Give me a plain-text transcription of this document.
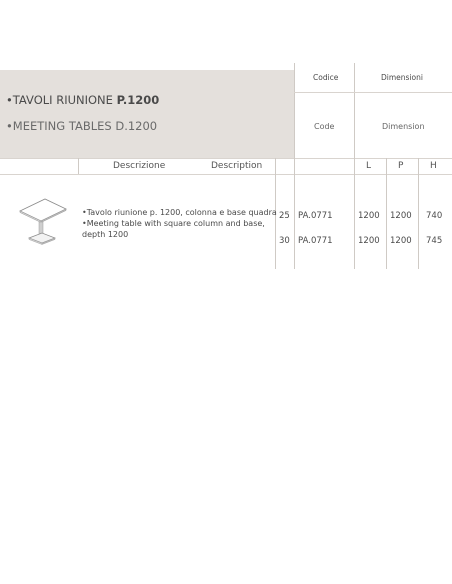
•TAVOLI RIUNIONE P.1200
•MEETING TABLES D.1200
Codice	Dimensioni
Code	Dimension
Descrizione	Description	L	P	H

•Tavolo riunione p. 1200, colonna e base quadra

•Meeting table with square column and base, depth 1200

25 PA.0771	1200 1200 740
30 PA.0771	1200 1200 745
